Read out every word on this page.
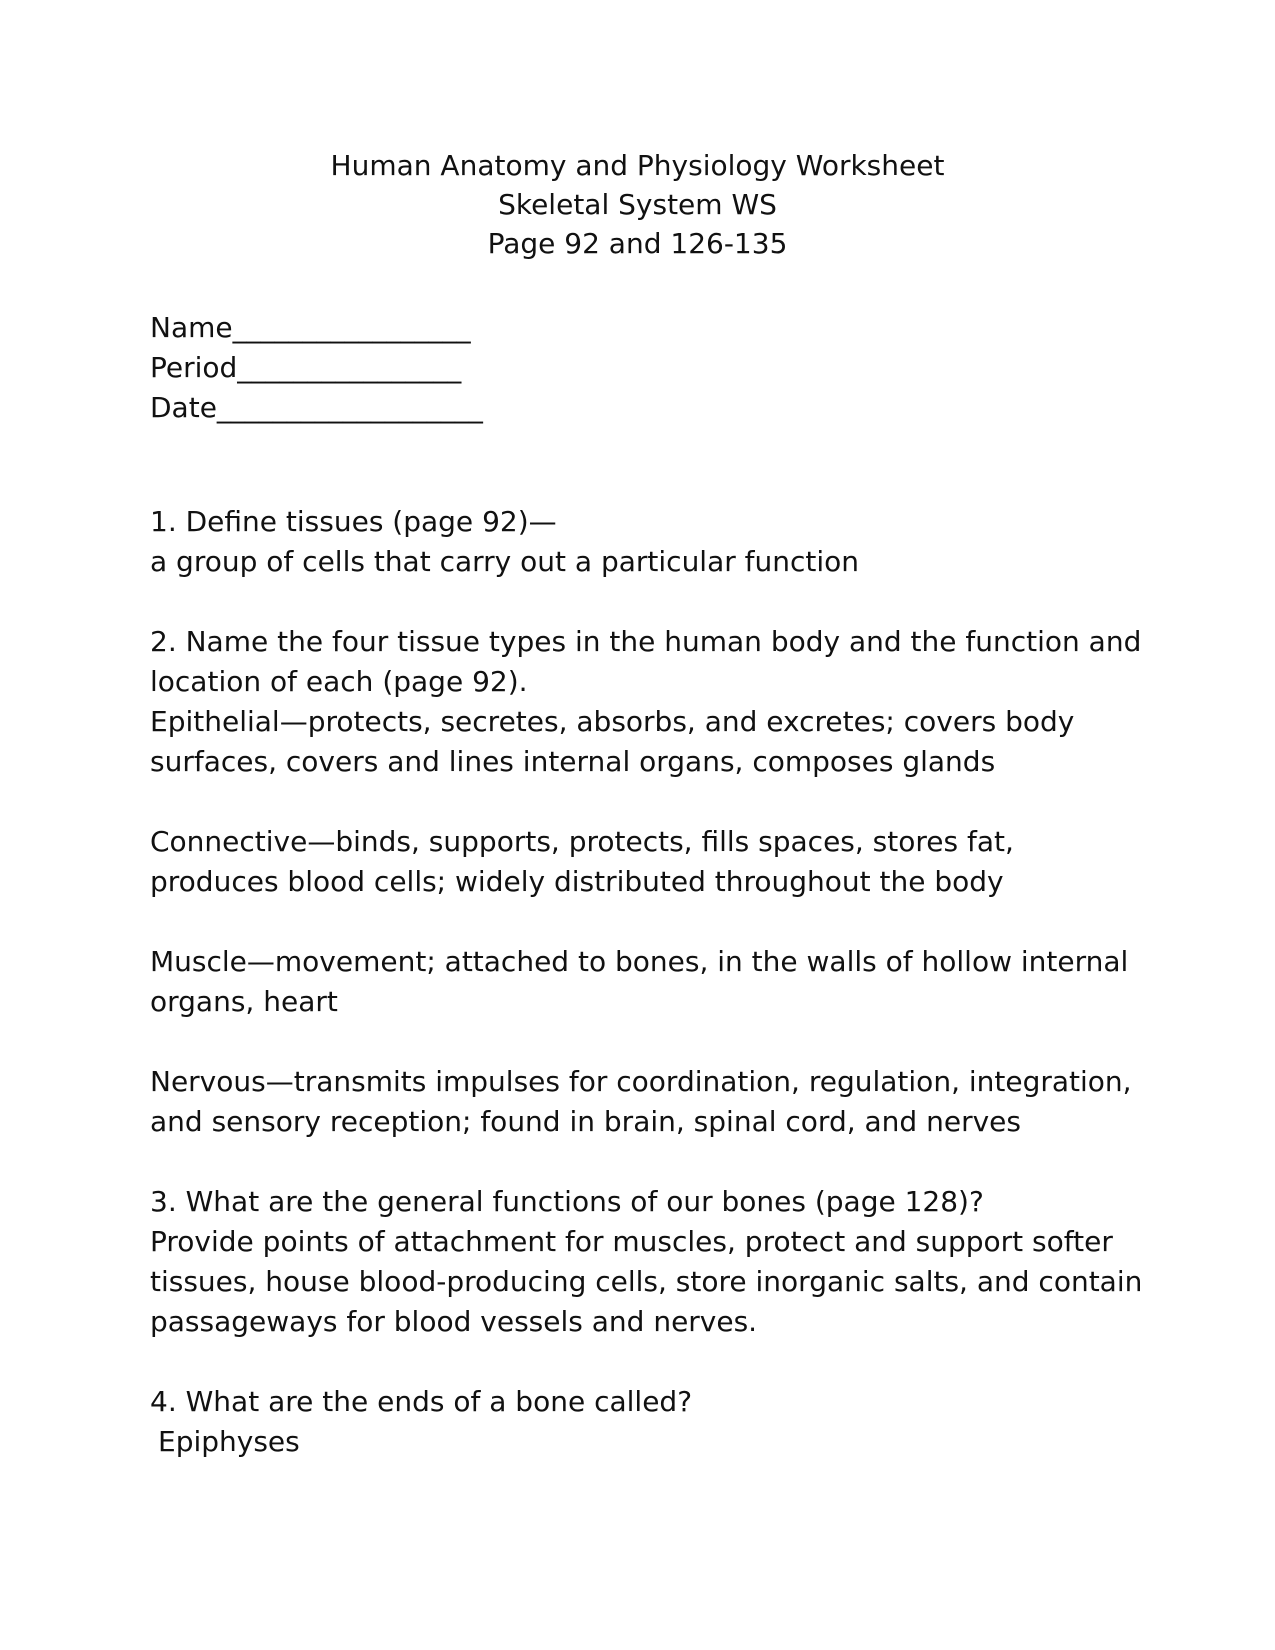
Human Anatomy and Physiology Worksheet
Skeletal System WS
Page 92 and 126-135
Name_________________
Period________________
Date___________________
1. Define tissues (page 92)—
a group of cells that carry out a particular function
2. Name the four tissue types in the human body and the function and
location of each (page 92).
Epithelial—protects, secretes, absorbs, and excretes; covers body
surfaces, covers and lines internal organs, composes glands
Connective—binds, supports, protects, fills spaces, stores fat,
produces blood cells; widely distributed throughout the body
Muscle—movement; attached to bones, in the walls of hollow internal
organs, heart
Nervous—transmits impulses for coordination, regulation, integration,
and sensory reception; found in brain, spinal cord, and nerves
3. What are the general functions of our bones (page 128)?
Provide points of attachment for muscles, protect and support softer
tissues, house blood-producing cells, store inorganic salts, and contain
passageways for blood vessels and nerves.
4. What are the ends of a bone called?
Epiphyses
